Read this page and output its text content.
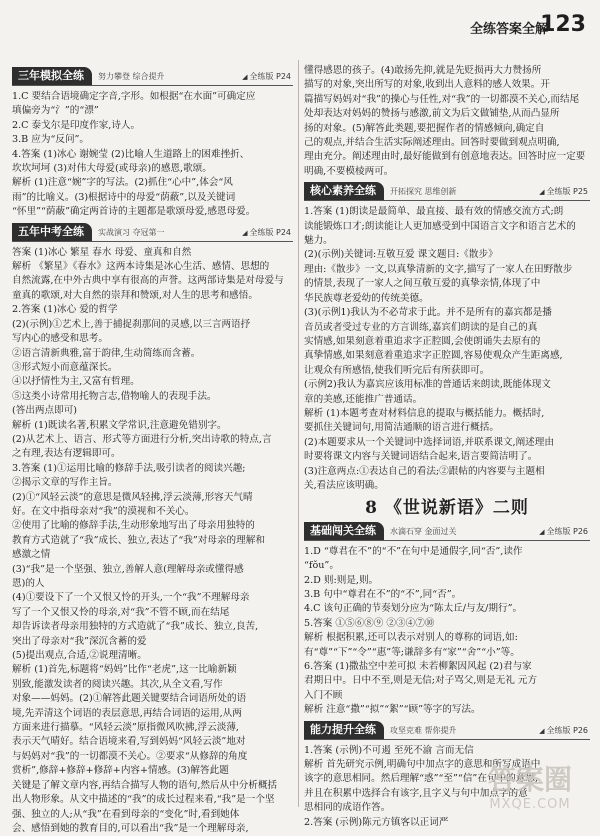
全练答案全解
123
三年模拟全练 努力攀登 综合提升	◢ 全练版 P24

1.C 要结合语境确定字音,字形。如根据“在水面”可确定应

填偏旁为“氵”的“漂”

2.C 泰戈尔是印度作家,诗人。

3.B 应为“反问”。

4.答案 (1)冰心 谢婉莹 (2)比喻人生道路上的困难挫折、

坎坎坷坷 (3)对伟大母爱(或母亲)的感恩,歌颂。

解析 (1)注意“婉”字的写法。(2)抓住“心中”,体会“风

雨”的比喻义。(3)根据诗中的母爱“荫蔽”,以及关键词

“怀里”“荫蔽”确定两首诗的主题都是歌颂母爱,感恩母爱。

五年中考全练 实战演习 夺冠第一	◢ 全练版 P24

答案 (1)冰心 繁星 春水 母爱、童真和自然

解析 《繁星》《春水》这两本诗集是冰心生活、感情、思想的

自然流露,在中外古典中享有很高的声誉。这两部诗集是对母爱与

童真的歌颂,对大自然的崇拜和赞颂,对人生的思考和感悟。

2.答案 (1)冰心 爱的哲学

(2)(示例)①艺术上,善于捕捉刹那间的灵感,以三言两语抒

写内心的感受和思考。

②语言清新典雅,富于韵律,生动简练而含蓄。

③形式短小而意蕴深长。

④以抒情性为主,又富有哲理。

⑤这类小诗常用托物言志,借物喻人的表现手法。

(答出两点即可)

解析 (1)既读名著,积累文学常识,注意避免错别字。

(2)从艺术上、语言、形式等方面进行分析,突出诗歌的特点,言

之有理,表达有逻辑即可。

3.答案 (1)①运用比喻的修辞手法,吸引读者的阅读兴趣;

②揭示文章的写作主旨。

(2)①“风轻云淡”的意思是微风轻拂,浮云淡薄,形容天气晴

好。在文中指母亲对“我”的漠视和不关心。

②使用了比喻的修辞手法,生动形象地写出了母亲用独特的

教育方式造就了“我”成长、独立,表达了“我”对母亲的理解和

感激之情

(3)“我”是一个坚强、独立,善解人意(理解母亲或懂得感

恩)的人

(4)①要设下了一个又恨又怜的开头,一个“我”不理解母亲

写了一个又恨又怜的母亲,对“我”不管不顾,而在结尾

却告诉读者母亲用独特的方式造就了“我”成长、独立,良苦,

突出了母亲对“我”深沉含蓄的爱

(5)提出观点,合适,②说理清晰。

解析 (1)首先,标题将“妈妈”比作“老虎”,这一比喻新颖

别致,能激发读者的阅读兴趣。其次,从全文看,写作

对象——妈妈。(2)①解答此题关键要结合词语所处的语

境,先弄清这个词语的表层意思,再结合词语的运用,从两

方面来进行描摹。“风轻云淡”原指微风吹拂,浮云淡薄,

表示天气晴好。结合语境来看,写到妈妈“风轻云淡”地对

与妈妈对“我”的一切都漠不关心。②要求“从修辞的角度

赏析”,修辞+修辞+修辞+内容+情感。(3)解答此题

关键是了解文章内容,再结合描写人物的语句,然后从中分析概括

出人物形象。从文中描述的“我”的成长过程来看,“我”是一个坚

强、独立的人;从“我”在看到母亲的“变化”时,看到她体

会、感悟到她的教育目的,可以看出“我”是一个理解母亲,

懂得感恩的孩子。(4)敢扬先抑,就是先贬损再大力赞扬所

描写的对象,突出所写的对象,收到出人意料的感人效果。开

篇描写妈妈对“我”的操心与任性,对“我”的一切都漠不关心,而结尾

处却表达对妈妈的赞扬与感激,前文为后文做铺垫,从而凸显所

扬的对象。(5)解答此类题,要把握作者的情感倾向,确定自

己的观点,并结合生活实际阐述理由。回答时要做到观点明确,

理由充分。阐述理由时,最好能做到有创意地表达。回答时应一定要

明确,不要模棱两可。

核心素养全练 开拓探究 思维创新	◢ 全练版 P25

1.答案 (1)朗读是最简单、最直接、最有效的情感交流方式;朗

读能锻炼口才;朗读能让人更加感受到中国语言文字和语言艺术的

魅力。

(2)(示例)关键词:互敬互爱 课文题目:《散步》

理由:《散步》一文,以真挚清新的文字,描写了一家人在田野散步

的情景,表现了一家人之间互敬互爱的真挚亲情,体现了中

华民族尊老爱幼的传统美德。

(3)(示例1)我认为不必苛求于此。并不是所有的嘉宾都是播

音员或者受过专业的方言训练,嘉宾们朗读的是自己的真

实情感,如果刻意着重追求字正腔圆,会使朗诵失去原有的

真挚情感,如果刻意着重追求字正腔圆,容易使观众产生距离感,

让观众有所感悟,使我们听完后有所获即可。

(示例2)我认为嘉宾应该用标准的普通话来朗读,既能体现文

章的美感,还能推广普通话。

解析 (1)本题考查对材料信息的提取与概括能力。概括时,

要抓住关键词句,用简洁通顺的语言进行概括。

(2)本题要求从一个关键词中选择词语,并联系课文,阐述理由

时要将课文内容与关键词语结合起来,语言要简洁明了。

(3)注意两点:①表达自己的看法;②跟帖的内容要与主题相

关,看法应该明确。

8 《世说新语》二则
基础闯关全练 水滴石穿 金面过关	◢ 全练版 P26

1.D “尊君在不”的“不”在句中是通假字,同“否”,读作

“fǒu”。

2.D 则:则是,则。

3.B 句中“尊君在不”的“不”,同“否”。

4.C 该句正确的节奏划分应为“陈太丘/与友/期行”。

5.答案 ①⑤⑥⑧⑨ ②③④⑦⑩

解析 根据积累,还可以表示对别人的尊称的词语,如:

有“尊”“下”“令”“惠”等;谦辞多有“家”“舍”“小”等。

6.答案 (1)撒盐空中差可拟 未若柳絮因风起 (2)君与家

君期日中。日中不至,则是无信;对子骂父,则是无礼 元方

入门不顾

解析 注意“撒”“拟”“絮”“顾”等字的写法。

能力提升全练 攻坚克难 帮你提升	◢ 全练版 P26

1.答案 (示例)不可遏 至死不渝 言而无信

解析 首先研究示例,明确句中加点字的意思和所写成语中

该字的意思相同。然后理解“惑”“至”“信”在句中的意思,

并且在积累中选择合有该字,且字义与句中加点字的意

思相同的成语作答。

2.答案 (示例)陈元方镇客以正词严

答案圈
MXQE.COM
